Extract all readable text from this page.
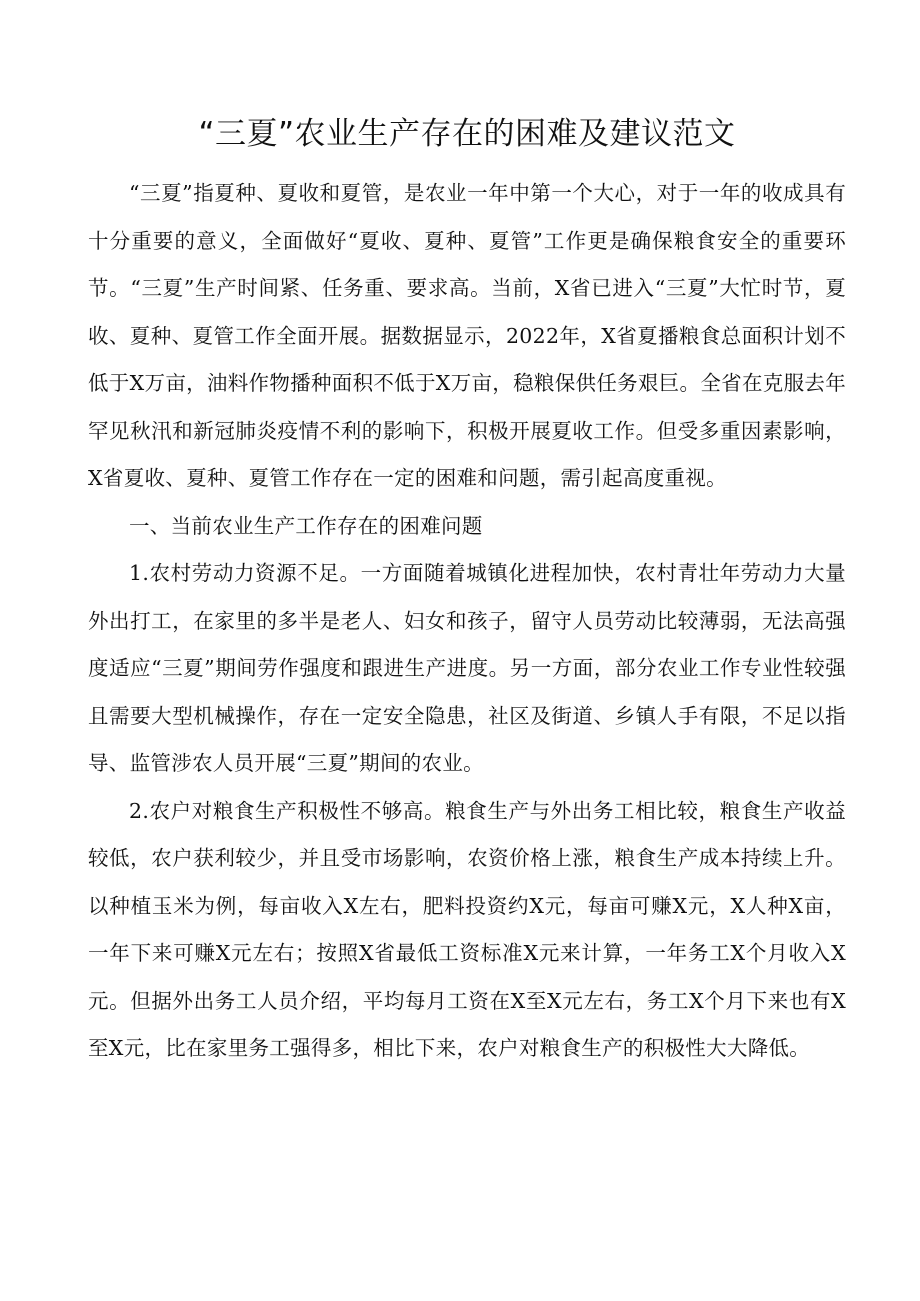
“三夏”农业生产存在的困难及建议范文

“三夏”指夏种、夏收和夏管，是农业一年中第一个大心，对于一年的收成具有十分重要的意义，全面做好“夏收、夏种、夏管”工作更是确保粮食安全的重要环节。“三夏”生产时间紧、任务重、要求高。当前，X省已进入“三夏”大忙时节，夏收、夏种、夏管工作全面开展。据数据显示，2022年，X省夏播粮食总面积计划不低于X万亩，油料作物播种面积不低于X万亩，稳粮保供任务艰巨。全省在克服去年罕见秋汛和新冠肺炎疫情不利的影响下，积极开展夏收工作。但受多重因素影响，X省夏收、夏种、夏管工作存在一定的困难和问题，需引起高度重视。

一、当前农业生产工作存在的困难问题

1.农村劳动力资源不足。一方面随着城镇化进程加快，农村青壮年劳动力大量外出打工，在家里的多半是老人、妇女和孩子，留守人员劳动比较薄弱，无法高强度适应“三夏”期间劳作强度和跟进生产进度。另一方面，部分农业工作专业性较强且需要大型机械操作，存在一定安全隐患，社区及街道、乡镇人手有限，不足以指导、监管涉农人员开展“三夏”期间的农业。

2.农户对粮食生产积极性不够高。粮食生产与外出务工相比较，粮食生产收益较低，农户获利较少，并且受市场影响，农资价格上涨，粮食生产成本持续上升。以种植玉米为例，每亩收入X左右，肥料投资约X元，每亩可赚X元，X人种X亩，一年下来可赚X元左右；按照X省最低工资标准X元来计算，一年务工X个月收入X元。但据外出务工人员介绍，平均每月工资在X至X元左右，务工X个月下来也有X至X元，比在家里务工强得多，相比下来，农户对粮食生产的积极性大大降低。
